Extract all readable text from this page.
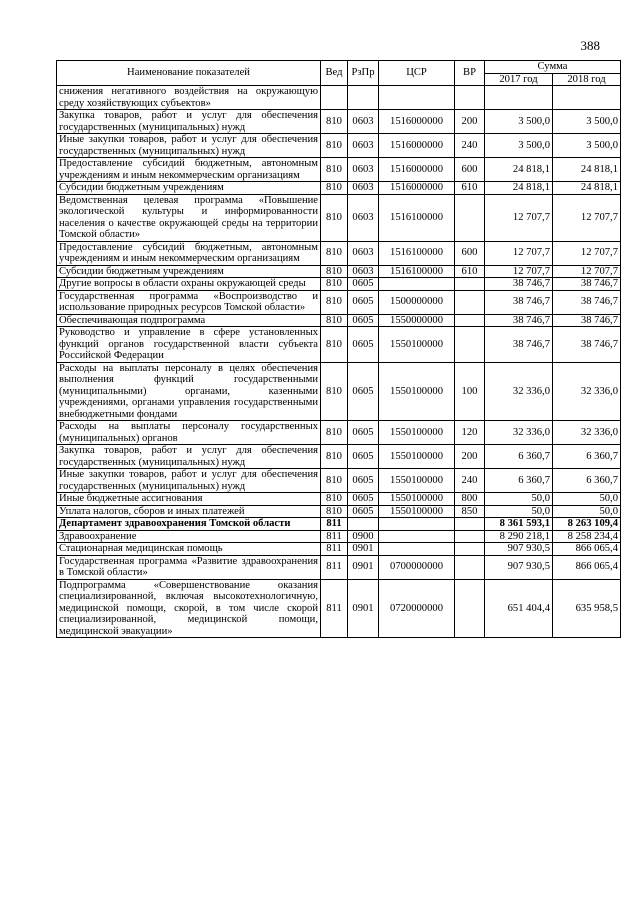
388
Наименование показателей	Вед	РзПр	ЦСР	ВР	Сумма	
					2017 год	2018 год
снижения негативного воздействия на окружающую среду хозяйствующих субъектов»						
Закупка товаров, работ и услуг для обеспечения государственных (муниципальных) нужд	810	0603	1516000000	200	3 500,0	3 500,0
Иные закупки товаров, работ и услуг для обеспечения государственных (муниципальных) нужд	810	0603	1516000000	240	3 500,0	3 500,0
Предоставление субсидий бюджетным, автономным учреждениям и иным некоммерческим организациям	810	0603	1516000000	600	24 818,1	24 818,1
Субсидии бюджетным учреждениям	810	0603	1516000000	610	24 818,1	24 818,1
Ведомственная целевая программа «Повышение экологической культуры и информированности населения о качестве окружающей среды на территории Томской области»	810	0603	1516100000		12 707,7	12 707,7
Предоставление субсидий бюджетным, автономным учреждениям и иным некоммерческим организациям	810	0603	1516100000	600	12 707,7	12 707,7
Субсидии бюджетным учреждениям	810	0603	1516100000	610	12 707,7	12 707,7
Другие вопросы в области охраны окружающей среды	810	0605			38 746,7	38 746,7
Государственная программа «Воспроизводство и использование природных ресурсов Томской области»	810	0605	1500000000		38 746,7	38 746,7
Обеспечивающая подпрограмма	810	0605	1550000000		38 746,7	38 746,7
Руководство и управление в сфере установленных функций органов государственной власти субъекта Российской Федерации	810	0605	1550100000		38 746,7	38 746,7
Расходы на выплаты персоналу в целях обеспечения выполнения функций государственными (муниципальными) органами, казенными учреждениями, органами управления государственными внебюджетными фондами	810	0605	1550100000	100	32 336,0	32 336,0
Расходы на выплаты персоналу государственных (муниципальных) органов	810	0605	1550100000	120	32 336,0	32 336,0
Закупка товаров, работ и услуг для обеспечения государственных (муниципальных) нужд	810	0605	1550100000	200	6 360,7	6 360,7
Иные закупки товаров, работ и услуг для обеспечения государственных (муниципальных) нужд	810	0605	1550100000	240	6 360,7	6 360,7
Иные бюджетные ассигнования	810	0605	1550100000	800	50,0	50,0
Уплата налогов, сборов и иных платежей	810	0605	1550100000	850	50,0	50,0
Департамент здравоохранения Томской области	811				8 361 593,1	8 263 109,4
Здравоохранение	811	0900			8 290 218,1	8 258 234,4
Стационарная медицинская помощь	811	0901			907 930,5	866 065,4
Государственная программа «Развитие здравоохранения в Томской области»	811	0901	0700000000		907 930,5	866 065,4
Подпрограмма «Совершенствование оказания специализированной, включая высокотехнологичную, медицинской помощи, скорой, в том числе скорой специализированной, медицинской помощи, медицинской эвакуации»	811	0901	0720000000		651 404,4	635 958,5
